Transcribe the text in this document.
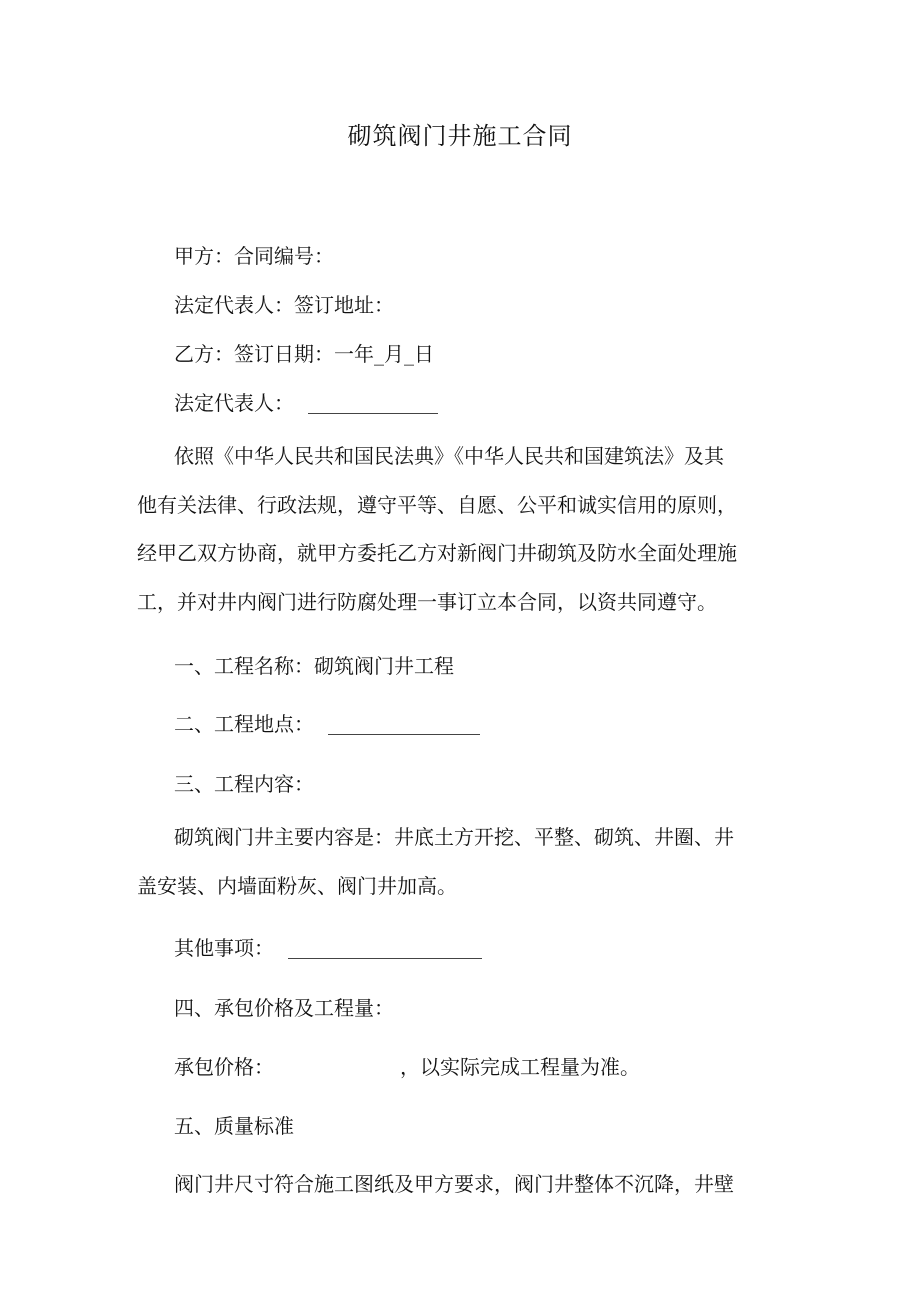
砌筑阀门井施工合同
甲方：合同编号：
法定代表人：签订地址：
乙方：签订日期：一年_月_日
法定代表人：
依照《中华人民共和国民法典》《中华人民共和国建筑法》及其
他有关法律、行政法规，遵守平等、自愿、公平和诚实信用的原则，
经甲乙双方协商，就甲方委托乙方对新阀门井砌筑及防水全面处理施
工，并对井内阀门进行防腐处理一事订立本合同，以资共同遵守。
一、工程名称：砌筑阀门井工程
二、工程地点：
三、工程内容：
砌筑阀门井主要内容是：井底土方开挖、平整、砌筑、井圈、井
盖安装、内墙面粉灰、阀门井加高。
其他事项：
四、承包价格及工程量：
承包价格：	，以实际完成工程量为准。
五、质量标准
阀门井尺寸符合施工图纸及甲方要求，阀门井整体不沉降，井壁
